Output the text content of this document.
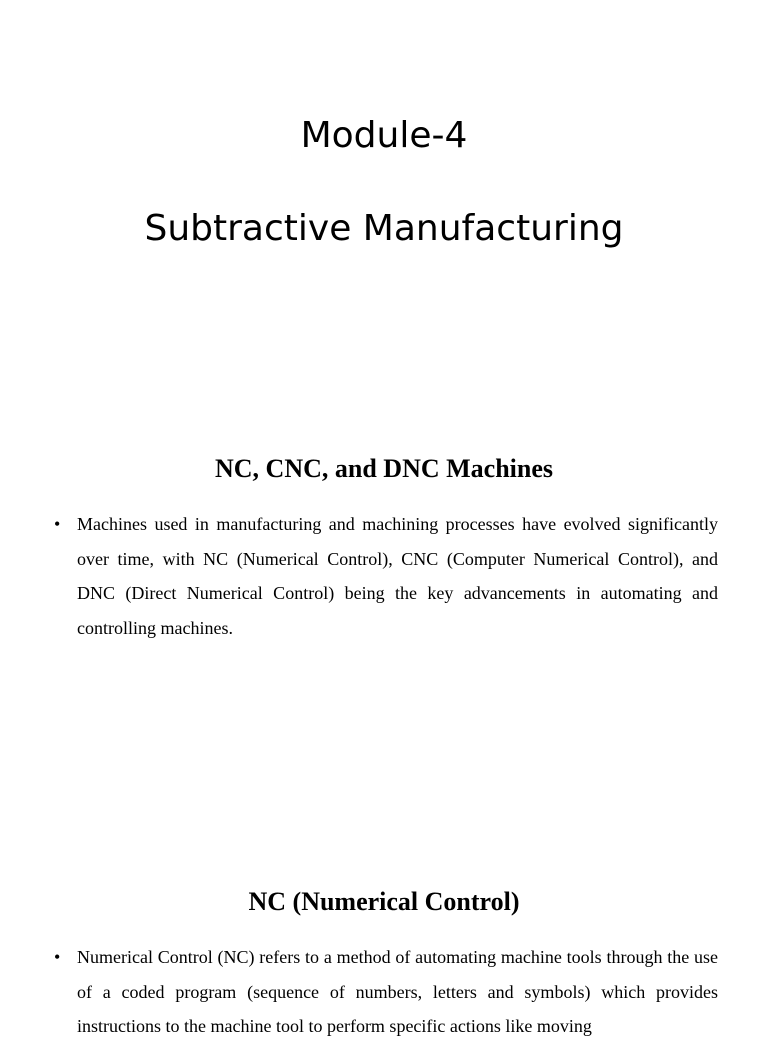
Module-4
Subtractive Manufacturing
NC, CNC, and DNC Machines
• Machines used in manufacturing and machining processes have evolved significantly over time, with NC (Numerical Control), CNC (Computer Numerical Control), and DNC (Direct Numerical Control) being the key advancements in automating and controlling machines.

NC (Numerical Control)
• Numerical Control (NC) refers to a method of automating machine tools through the use of a coded program (sequence of numbers, letters and symbols) which provides instructions to the machine tool to perform specific actions like moving
